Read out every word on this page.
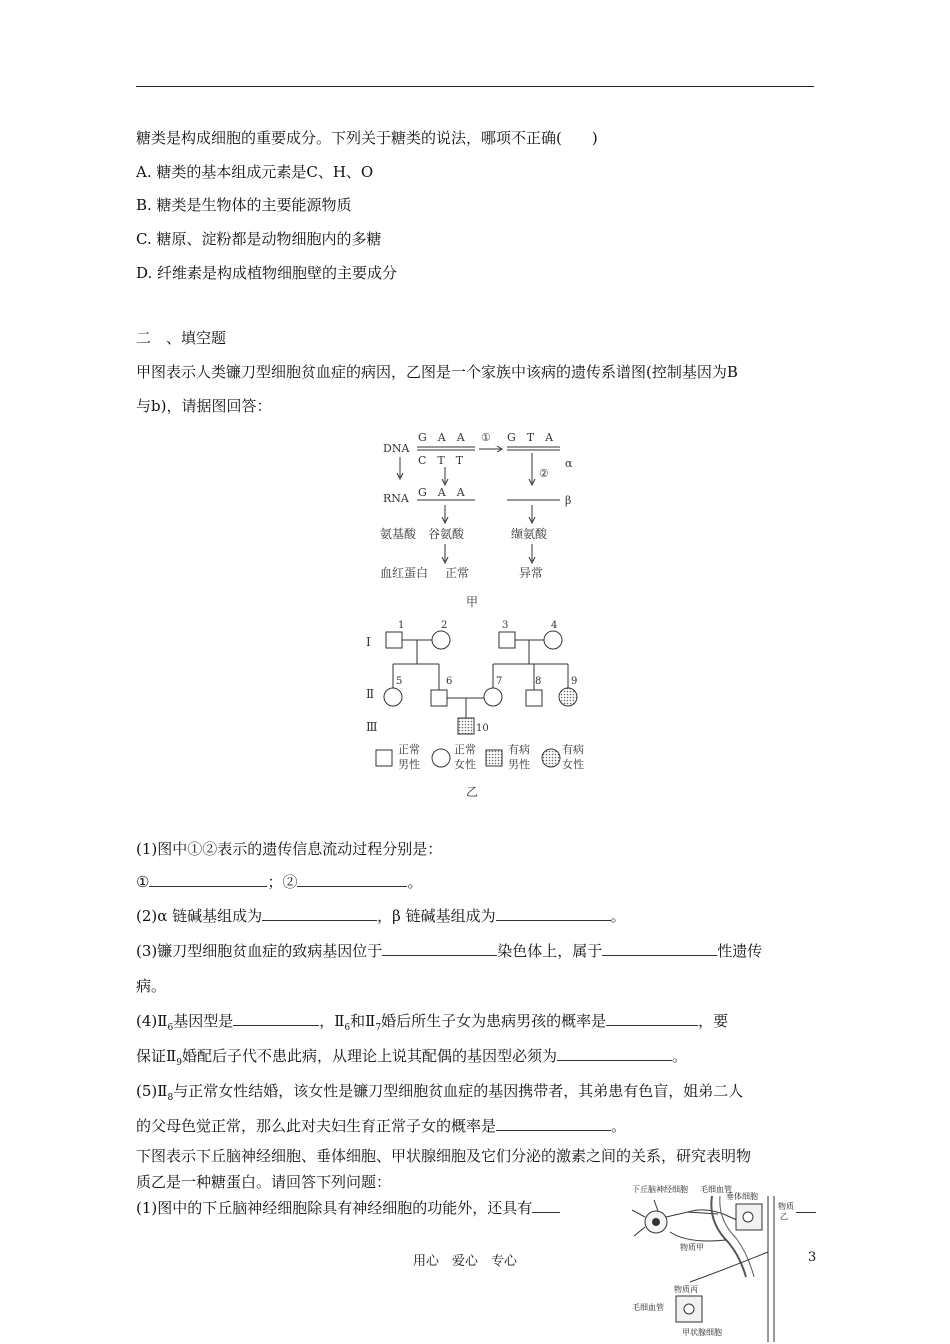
糖类是构成细胞的重要成分。下列关于糖类的说法，哪项不正确(　　)
A. 糖类的基本组成元素是C、H、O
B. 糖类是生物体的主要能源物质
C. 糖原、淀粉都是动物细胞内的多糖
D. 纤维素是构成植物细胞壁的主要成分
二　、填空题
甲图表示人类镰刀型细胞贫血症的病因，乙图是一个家族中该病的遗传系谱图(控制基因为B
与b)，请据图回答：
DNA
G　A　A
C　T　T
① G　T　A
α
②
RNA G　A　A
β
氨基酸 谷氨酸	缬氨酸
血红蛋白 正常	异常
甲
Ⅰ
Ⅱ
Ⅲ
1	2	3	4
5	6	7	8	9
10
正常
男性
正常
女性
有病
男性
有病
女性
乙
(1)图中①②表示的遗传信息流动过程分别是：
①	；②	。
(2)α 链碱基组成为	，β 链碱基组成为	。
(3)镰刀型细胞贫血症的致病基因位于	染色体上，属于	性遗传
病。
$(4)Ⅱ_6$基因型是	，$Ⅱ_6$和$Ⅱ_7$婚后所生子女为患病男孩的概率是	，要
保证$Ⅱ_9$婚配后子代不患此病，从理论上说其配偶的基因型必须为	。
$(5)Ⅱ_8$与正常女性结婚，该女性是镰刀型细胞贫血症的基因携带者，其弟患有色盲，姐弟二人
的父母色觉正常，那么此对夫妇生育正常子女的概率是	。
下图表示下丘脑神经细胞、垂体细胞、甲状腺细胞及它们分泌的激素之间的关系，研究表明物
质乙是一种糖蛋白。请回答下列问题：
(1)图中的下丘脑神经细胞除具有神经细胞的功能外，还具有
下丘脑神经细胞 毛细血管
垂体细胞
物质
乙
物质甲
物质丙
毛细血管
甲状腺细胞
用心　爱心　专心	3
